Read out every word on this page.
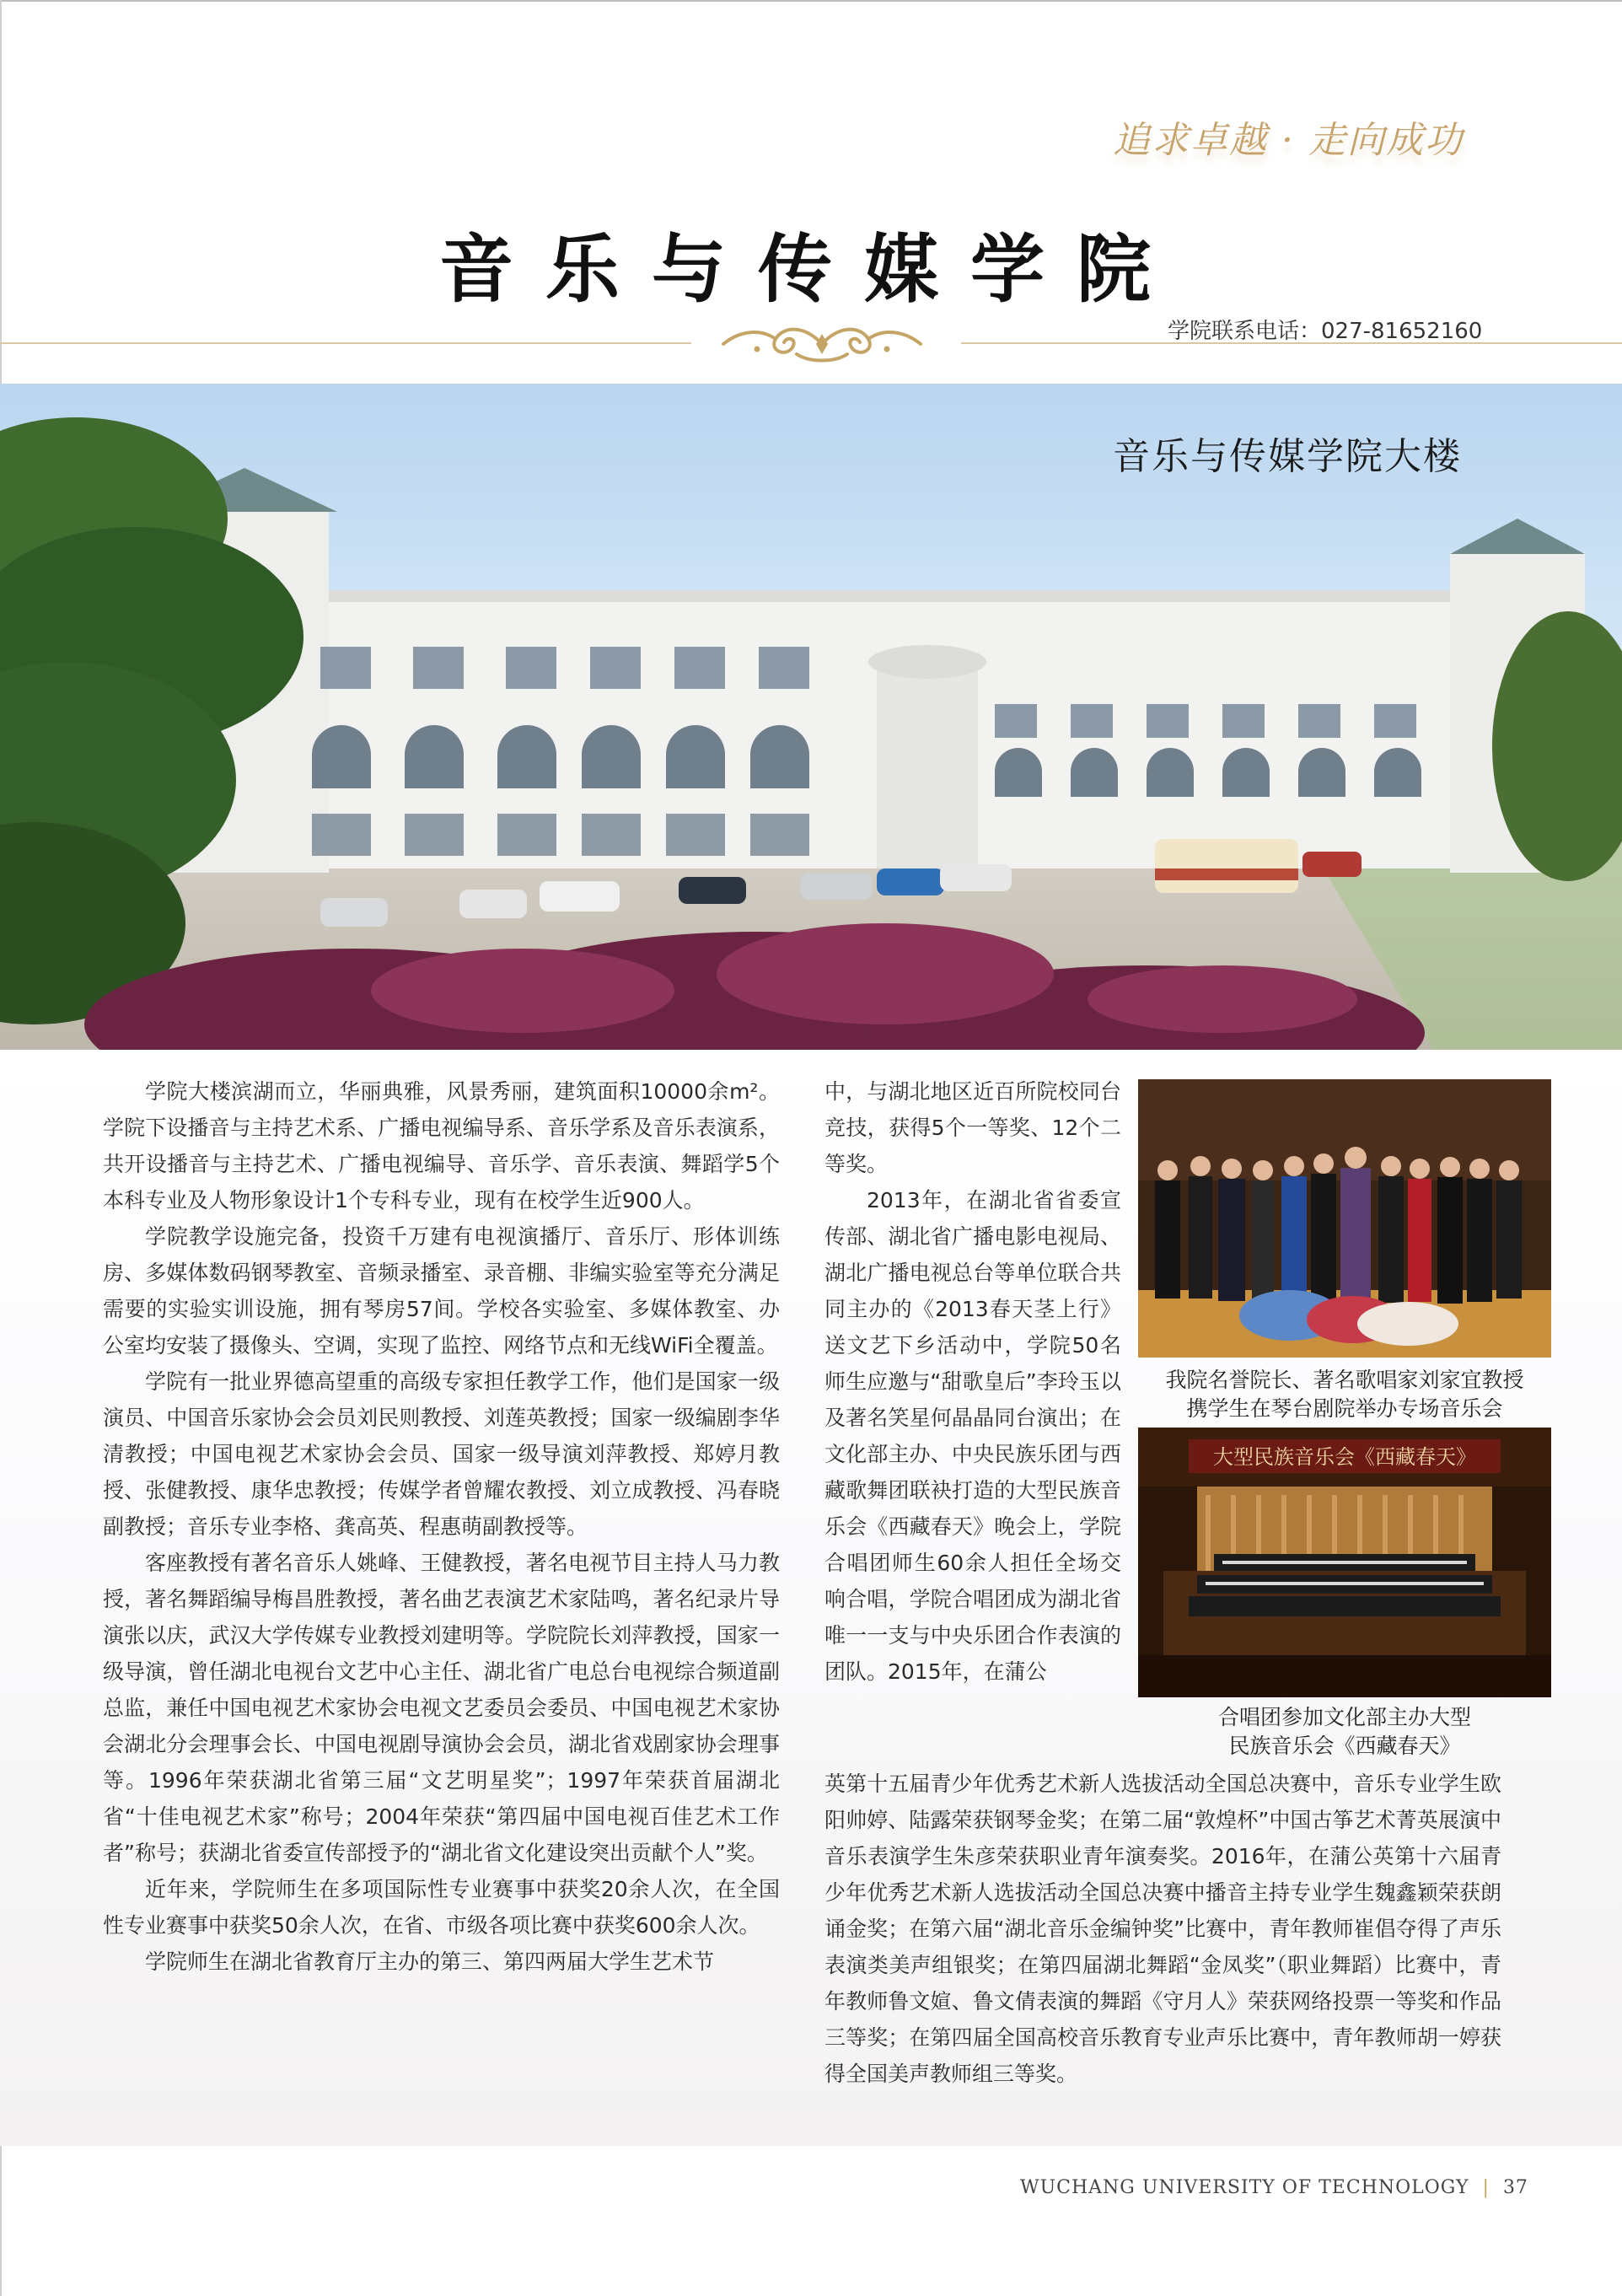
追求卓越 · 走向成功
音乐与传媒学院
学院联系电话：027-81652160
音乐与传媒学院大楼

学院大楼滨湖而立，华丽典雅，风景秀丽，建筑面积10000余m²。学院下设播音与主持艺术系、广播电视编导系、音乐学系及音乐表演系，共开设播音与主持艺术、广播电视编导、音乐学、音乐表演、舞蹈学5个本科专业及人物形象设计1个专科专业，现有在校学生近900人。

学院教学设施完备，投资千万建有电视演播厅、音乐厅、形体训练房、多媒体数码钢琴教室、音频录播室、录音棚、非编实验室等充分满足需要的实验实训设施，拥有琴房57间。学校各实验室、多媒体教室、办公室均安装了摄像头、空调，实现了监控、网络节点和无线WiFi全覆盖。

学院有一批业界德高望重的高级专家担任教学工作，他们是国家一级演员、中国音乐家协会会员刘民则教授、刘莲英教授；国家一级编剧李华清教授；中国电视艺术家协会会员、国家一级导演刘萍教授、郑婷月教授、张健教授、康华忠教授；传媒学者曾耀农教授、刘立成教授、冯春晓副教授；音乐专业李格、龚高英、程惠萌副教授等。

客座教授有著名音乐人姚峰、王健教授，著名电视节目主持人马力教授，著名舞蹈编导梅昌胜教授，著名曲艺表演艺术家陆鸣，著名纪录片导演张以庆，武汉大学传媒专业教授刘建明等。学院院长刘萍教授，国家一级导演，曾任湖北电视台文艺中心主任、湖北省广电总台电视综合频道副总监，兼任中国电视艺术家协会电视文艺委员会委员、中国电视艺术家协会湖北分会理事会长、中国电视剧导演协会会员，湖北省戏剧家协会理事等。1996年荣获湖北省第三届“文艺明星奖”；1997年荣获首届湖北省“十佳电视艺术家”称号；2004年荣获“第四届中国电视百佳艺术工作者”称号；获湖北省委宣传部授予的“湖北省文化建设突出贡献个人”奖。

近年来，学院师生在多项国际性专业赛事中获奖20余人次，在全国性专业赛事中获奖50余人次，在省、市级各项比赛中获奖600余人次。

学院师生在湖北省教育厅主办的第三、第四两届大学生艺术节

中，与湖北地区近百所院校同台竞技，获得5个一等奖、12个二等奖。

2013年，在湖北省省委宣传部、湖北省广播电影电视局、湖北广播电视总台等单位联合共同主办的《2013春天茎上行》送文艺下乡活动中，学院50名师生应邀与“甜歌皇后”李玲玉以及著名笑星何晶晶同台演出；在文化部主办、中央民族乐团与西藏歌舞团联袂打造的大型民族音乐会《西藏春天》晚会上，学院合唱团师生60余人担任全场交响合唱，学院合唱团成为湖北省唯一一支与中央乐团合作表演的团队。2015年，在蒲公

英第十五届青少年优秀艺术新人选拔活动全国总决赛中，音乐专业学生欧阳帅婷、陆露荣获钢琴金奖；在第二届“敦煌杯”中国古筝艺术菁英展演中音乐表演学生朱彦荣获职业青年演奏奖。2016年，在蒲公英第十六届青少年优秀艺术新人选拔活动全国总决赛中播音主持专业学生魏鑫颖荣获朗诵金奖；在第六届“湖北音乐金编钟奖”比赛中，青年教师崔倡夺得了声乐表演类美声组银奖；在第四届湖北舞蹈“金凤奖”（职业舞蹈）比赛中，青年教师鲁文媗、鲁文倩表演的舞蹈《守月人》荣获网络投票一等奖和作品三等奖；在第四届全国高校音乐教育专业声乐比赛中，青年教师胡一婷获得全国美声教师组三等奖。

我院名誉院长、著名歌唱家刘家宜教授
携学生在琴台剧院举办专场音乐会
大型民族音乐会《西藏春天》
合唱团参加文化部主办大型
民族音乐会《西藏春天》
WUCHANG UNIVERSITY OF TECHNOLOGY | 37
